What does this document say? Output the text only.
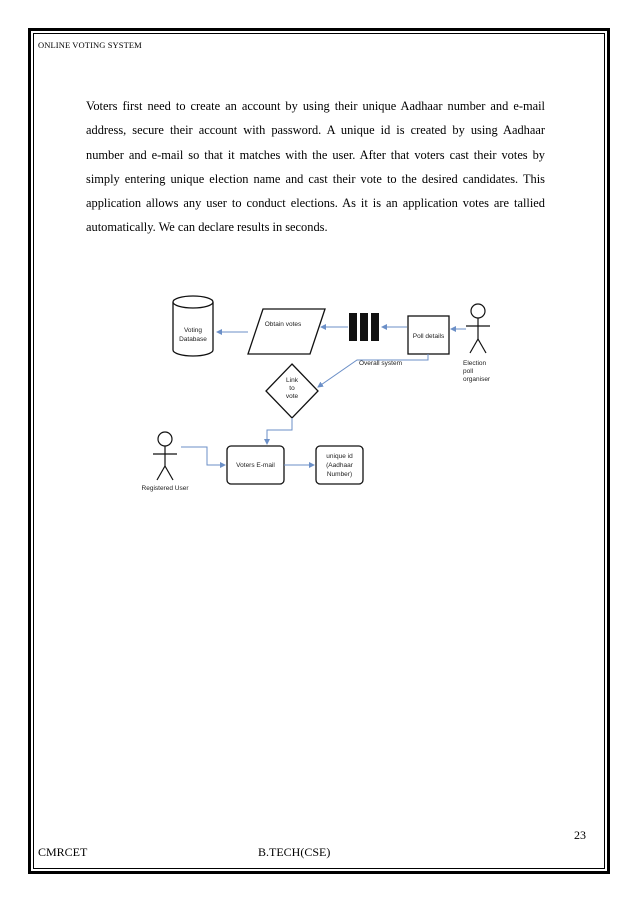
ONLINE VOTING SYSTEM

Voters first need to create an account by using their unique Aadhaar number and e-mail address, secure their account with password. A unique id is created by using Aadhaar number and e-mail so that it matches with the user. After that voters cast their votes by simply entering unique election name and cast their vote to the desired candidates. This application allows any user to conduct elections. As it is an application votes are tallied automatically. We can declare results in seconds.

Voting
Database
Obtain votes
Poll details
Election
poll
organiser
Overall system
Link
to
vote
Registered User
Voters E-mail
unique id
(Aadhaar
Number)
23
CMRCET	B.TECH(CSE)
